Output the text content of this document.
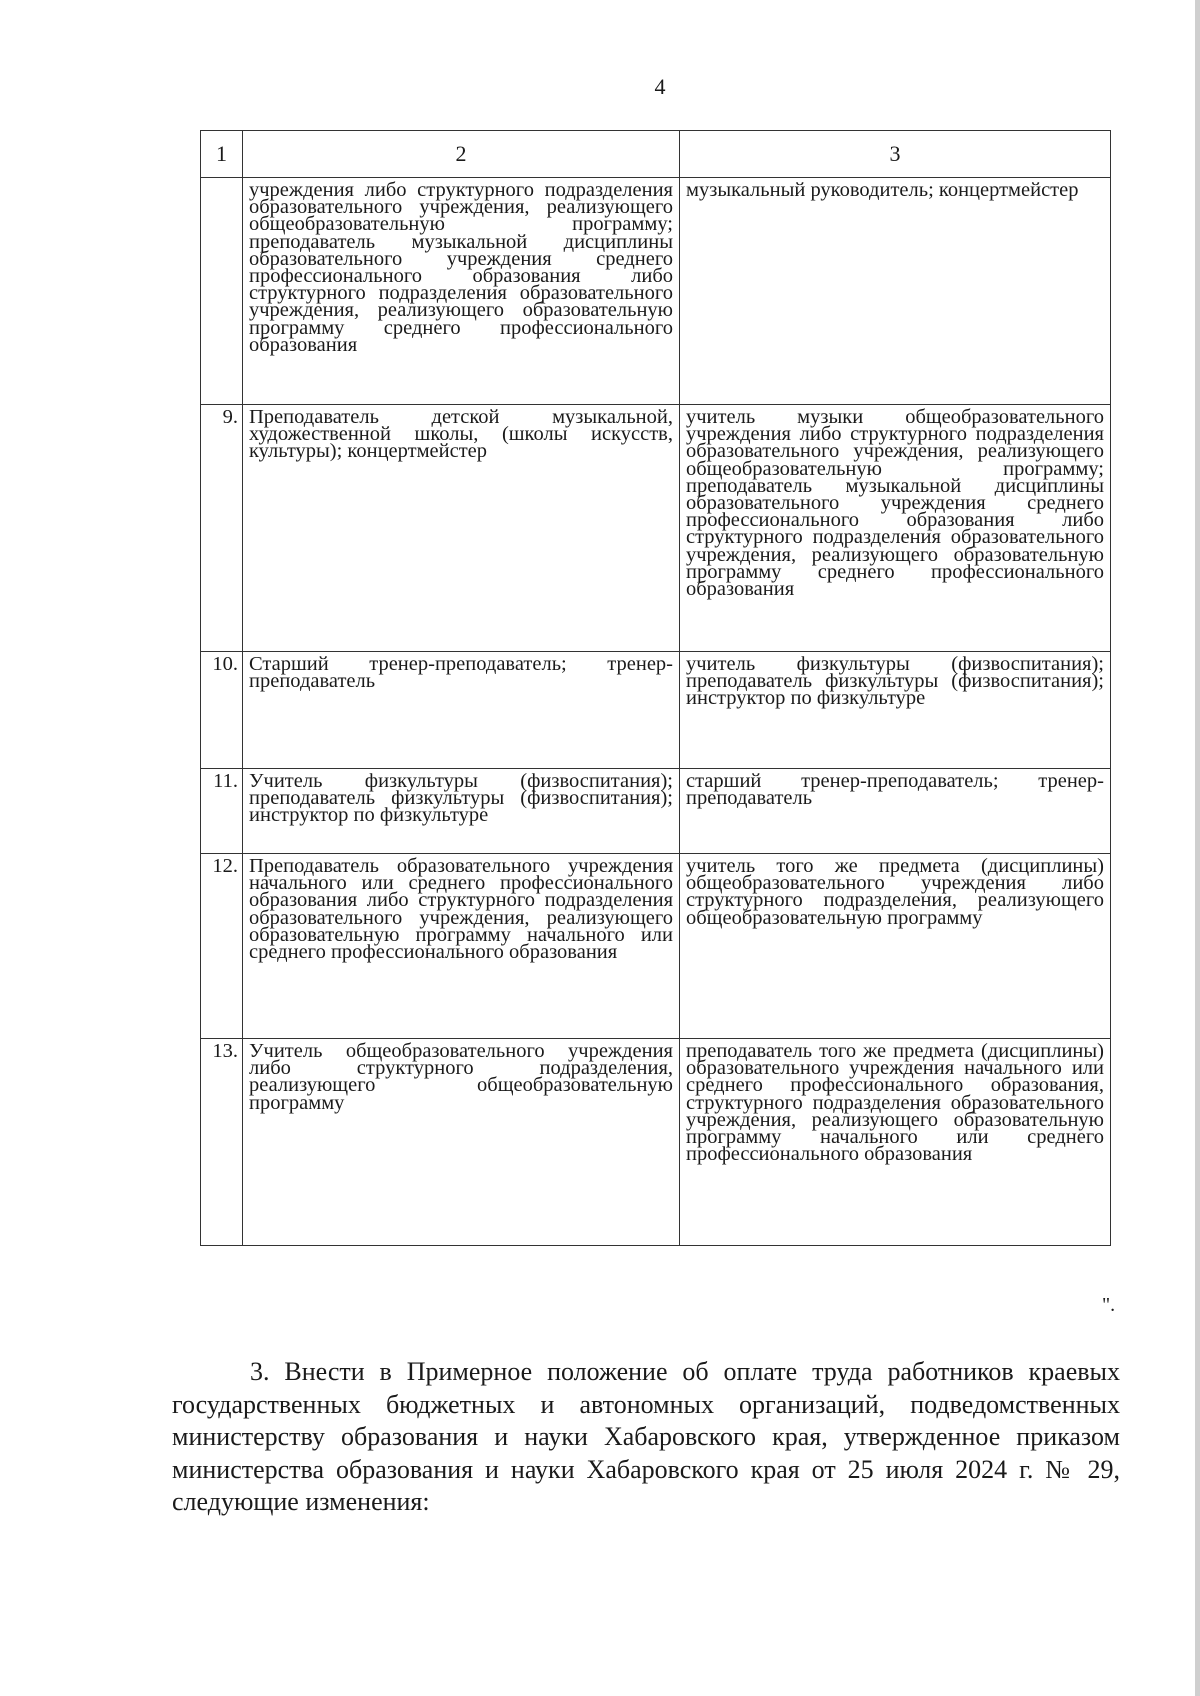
4
1	2	3
	учреждения либо структурного подразделения образовательного учреждения, реализующего общеобразовательную программу; преподаватель музыкальной дисциплины образовательного учреждения среднего профессионального образования либо структурного подразделения образовательного учреждения, реализующего образовательную программу среднего профессионального образования	музыкальный руководитель; концертмейстер
9.	Преподаватель детской музыкальной, художественной школы, (школы искусств, культуры); концертмейстер	учитель музыки общеобразовательного учреждения либо структурного подразделения образовательного учреждения, реализующего общеобразовательную программу; преподаватель музыкальной дисциплины образовательного учреждения среднего профессионального образования либо структурного подразделения образовательного учреждения, реализующего образовательную программу среднего профессионального образования
10.	Старший тренер-преподаватель; тренер-преподаватель	учитель физкультуры (физвоспитания); преподаватель физкультуры (физвоспитания); инструктор по физкультуре
11.	Учитель физкультуры (физвоспитания); преподаватель физкультуры (физвоспитания); инструктор по физкультуре	старший тренер-преподаватель; тренер-преподаватель
12.	Преподаватель образовательного учреждения начального или среднего профессионального образования либо структурного подразделения образовательного учреждения, реализующего образовательную программу начального или среднего профессионального образования	учитель того же предмета (дисциплины) общеобразовательного учреждения либо структурного подразделения, реализующего общеобразовательную программу
13.	Учитель общеобразовательного учреждения либо структурного подразделения, реализующего общеобразовательную программу	преподаватель того же предмета (дисциплины) образовательного учреждения начального или среднего профессионального образования, структурного подразделения образовательного учреждения, реализующего образовательную программу начального или среднего профессионального образования
".
3. Внести в Примерное положение об оплате труда работников краевых государственных бюджетных и автономных организаций, подведомственных министерству образования и науки Хабаровского края, утвержденное приказом министерства образования и науки Хабаровского края от 25 июля 2024 г. № 29, следующие изменения:
